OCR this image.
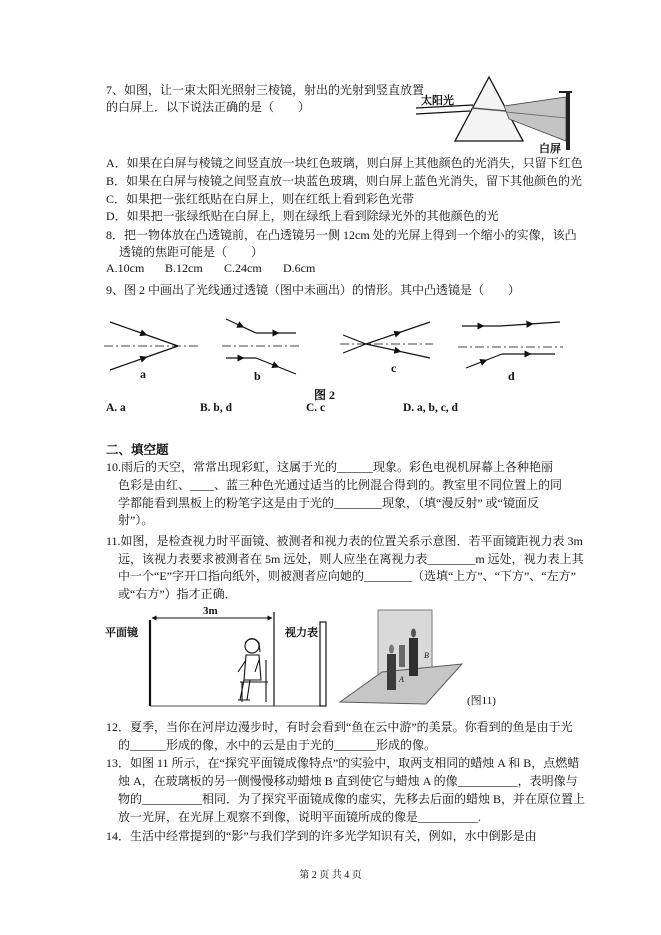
7、如图，让一束太阳光照射三棱镜，射出的光射到竖直放置
的白屏上．以下说法正确的是（　　）
A．如果在白屏与棱镜之间竖直放一块红色玻璃，则白屏上其他颜色的光消失，只留下红色
B．如果在白屏与棱镜之间竖直放一块蓝色玻璃，则白屏上蓝色光消失，留下其他颜色的光
C．如果把一张红纸贴在白屏上，则在红纸上看到彩色光带
D．如果把一张绿纸贴在白屏上，则在绿纸上看到除绿光外的其他颜色的光
8．把一物体放在凸透镜前，在凸透镜另一侧 12cm 处的光屏上得到一个缩小的实像，该凸
透镜的焦距可能是（　　）
A.10cm B.12cm C.24cm D.6cm
9、图 2 中画出了光线通过透镜（图中未画出）的情形。其中凸透镜是（　　）
A. a	B. b, d	C. c	D. a, b, c, d
二、填空题
10.雨后的天空，常常出现彩虹，这属于光的______现象。彩色电视机屏幕上各种艳丽
色彩是由红、____、蓝三种色光通过适当的比例混合得到的。教室里不同位置上的同
学都能看到黑板上的粉笔字这是由于光的________现象，（填“漫反射” 或“镜面反
射”）。
11.如图，是检查视力时平面镜、被测者和视力表的位置关系示意图．若平面镜距视力表 3m
远，该视力表要求被测者在 5m 远处，则人应坐在离视力表________m 远处，视力表上其
中一个“E”字开口指向纸外，则被测者应向她的________（选填“上方”、“下方”、“左方”
或“右方”）指才正确．
12．夏季，当你在河岸边漫步时，有时会看到“鱼在云中游”的美景。你看到的鱼是由于光
的______形成的像，水中的云是由于光的_______形成的像。
13．如图 11 所示，在“探究平面镜成像特点”的实验中，取两支相同的蜡烛 A 和 B，点燃蜡
烛 A，在玻璃板的另一侧慢慢移动蜡烛 B 直到使它与蜡烛 A 的像__________，表明像与
物的__________相同．为了探究平面镜成像的虚实，先移去后面的蜡烛 B，并在原位置上
放一光屏，在光屏上观察不到像，说明平面镜所成的像是__________.
14．生活中经常提到的“影”与我们学到的许多光学知识有关，例如，水中倒影是由
第 2 页 共 4 页
太阳光
白屏
a	b
c
d
图 2
平面镜
3m
视力表
B
A
(图11)
